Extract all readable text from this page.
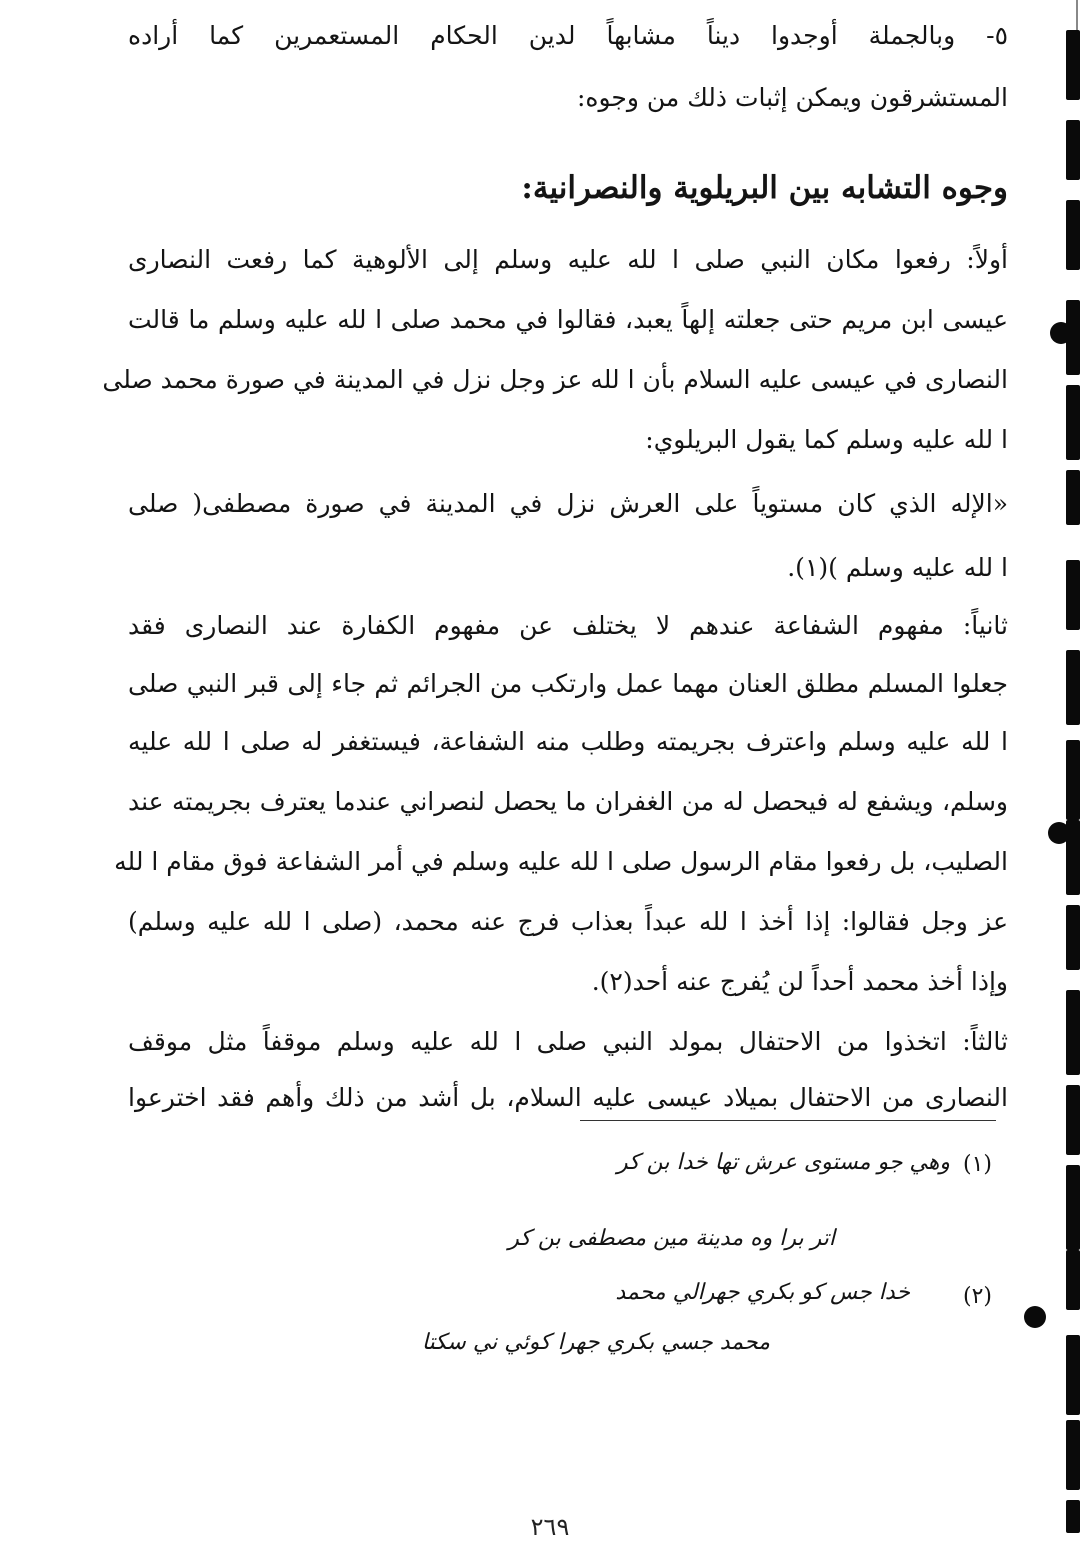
٥- وبالجملة أوجدوا ديناً مشابهاً لدين الحكام المستعمرين كما أراده
المستشرقون ويمكن إثبات ذلك من وجوه:
وجوه التشابه بين البريلوية والنصرانية:
أولاً: رفعوا مكان النبي صلى ا لله عليه وسلم إلى الألوهية كما رفعت النصارى
عيسى ابن مريم حتى جعلته إلهاً يعبد، فقالوا في محمد صلى ا لله عليه وسلم ما قالت
النصارى في عيسى عليه السلام بأن ا لله عز وجل نزل في المدينة في صورة محمد صلى
ا لله عليه وسلم كما يقول البريلوي:
«الإله الذي كان مستوياً على العرش نزل في المدينة في صورة مصطفى( صلى
ا لله عليه وسلم )(١).
ثانياً: مفهوم الشفاعة عندهم لا يختلف عن مفهوم الكفارة عند النصارى فقد
جعلوا المسلم مطلق العنان مهما عمل وارتكب من الجرائم ثم جاء إلى قبر النبي صلى
ا لله عليه وسلم واعترف بجريمته وطلب منه الشفاعة، فيستغفر له صلى ا لله عليه
وسلم، ويشفع له فيحصل له من الغفران ما يحصل لنصراني عندما يعترف بجريمته عند
الصليب، بل رفعوا مقام الرسول صلى ا لله عليه وسلم في أمر الشفاعة فوق مقام ا لله
عز وجل فقالوا: إذا أخذ ا لله عبداً بعذاب فرج عنه محمد، (صلى ا لله عليه وسلم)
وإذا أخذ محمد أحداً لن يُفرج عنه أحد(٢).
ثالثاً: اتخذوا من الاحتفال بمولد النبي صلى ا لله عليه وسلم موقفاً مثل موقف
النصارى من الاحتفال بميلاد عيسى عليه السلام، بل أشد من ذلك وأهم فقد اخترعوا
(١)
وهي جو مستوى عرش تها خدا بن كر
اتر برا وه مدينة مين مصطفى بن كر
(٢)
خدا جس كو بكري جهرالي محمد
محمد جسي بكري جهرا كوئي ني سكتا
٢٦٩
